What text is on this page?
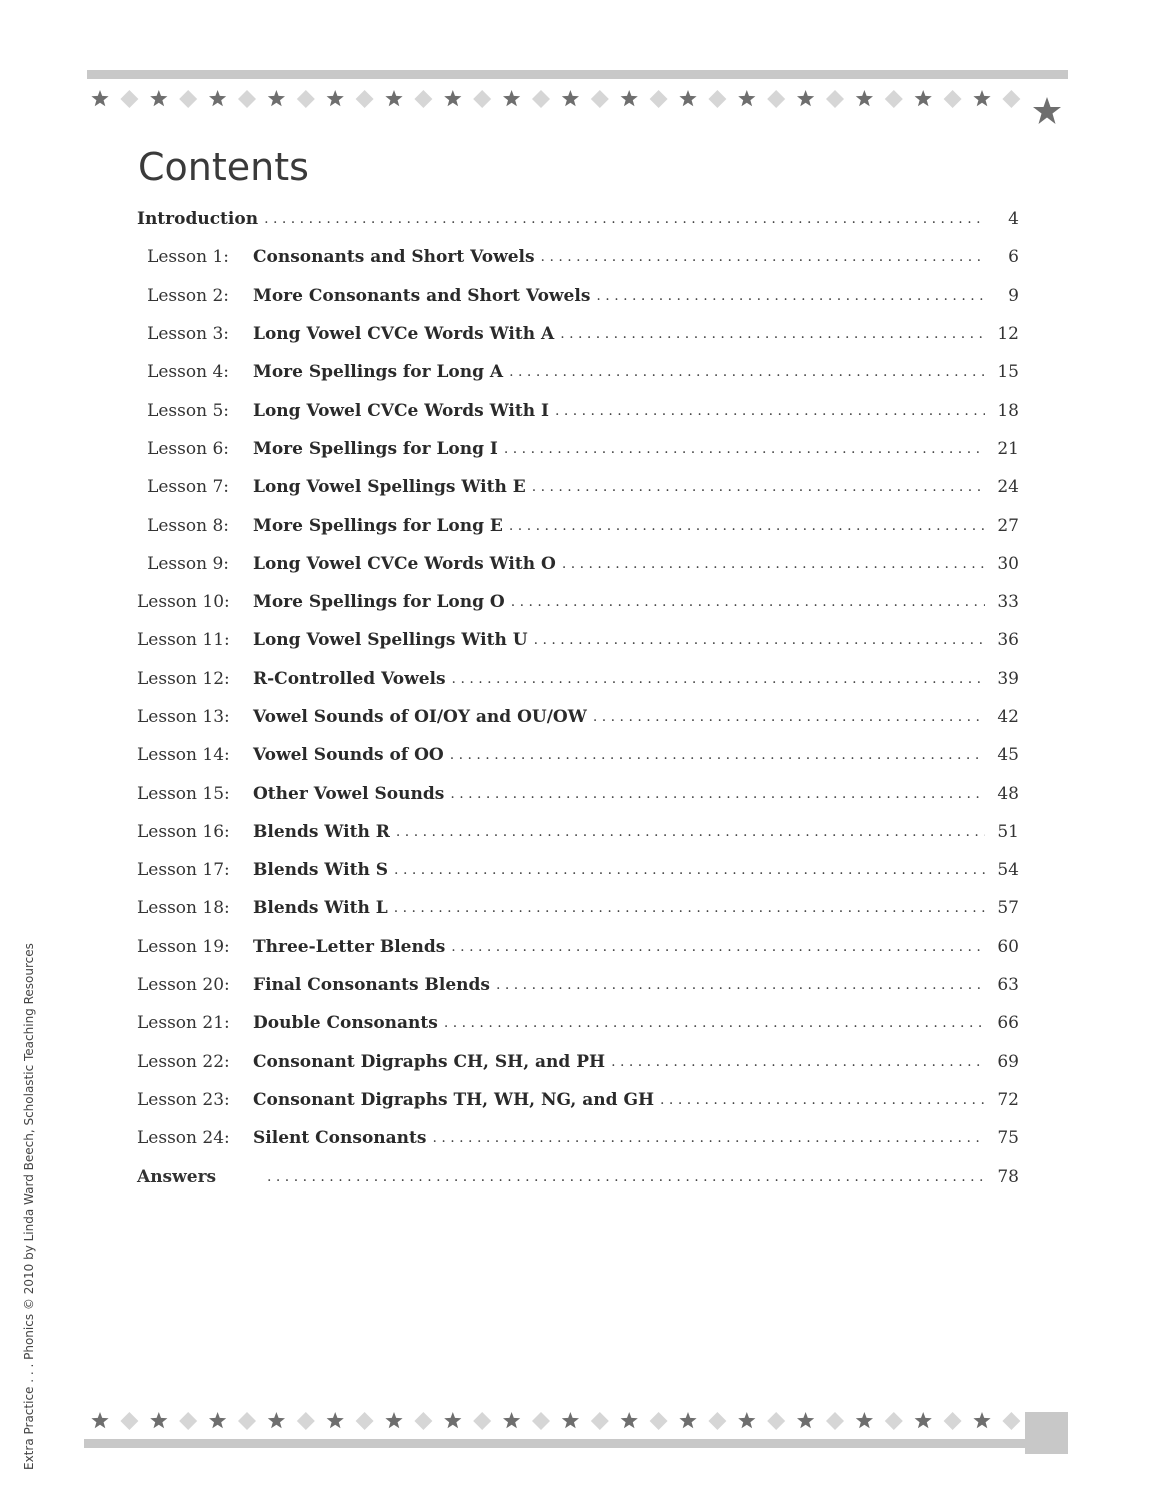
Contents
Introduction . . .	4
Lesson 1:	Consonants and Short Vowels . . .	6
Lesson 2:	More Consonants and Short Vowels . . .	9
Lesson 3:	Long Vowel CVCe Words With A . . .	12
Lesson 4:	More Spellings for Long A . . .	15
Lesson 5:	Long Vowel CVCe Words With I . . .	18
Lesson 6:	More Spellings for Long I . . .	21
Lesson 7:	Long Vowel Spellings With E . . .	24
Lesson 8:	More Spellings for Long E . . .	27
Lesson 9:	Long Vowel CVCe Words With O . . .	30
Lesson 10:	More Spellings for Long O . . .	33
Lesson 11:	Long Vowel Spellings With U . . .	36
Lesson 12:	R-Controlled Vowels . . .	39
Lesson 13:	Vowel Sounds of OI/OY and OU/OW . . .	42
Lesson 14:	Vowel Sounds of OO . . .	45
Lesson 15:	Other Vowel Sounds . . .	48
Lesson 16:	Blends With R . . .	51
Lesson 17:	Blends With S . . .	54
Lesson 18:	Blends With L . . .	57
Lesson 19:	Three-Letter Blends . . .	60
Lesson 20:	Final Consonants Blends . . .	63
Lesson 21:	Double Consonants . . .	66
Lesson 22:	Consonant Digraphs CH, SH, and PH . . .	69
Lesson 23:	Consonant Digraphs TH, WH, NG, and GH . . .	72
Lesson 24:	Silent Consonants . . .	75
Answers . . .	78
Extra Practice . . . Phonics © 2010 by Linda Ward Beech, Scholastic Teaching Resources
